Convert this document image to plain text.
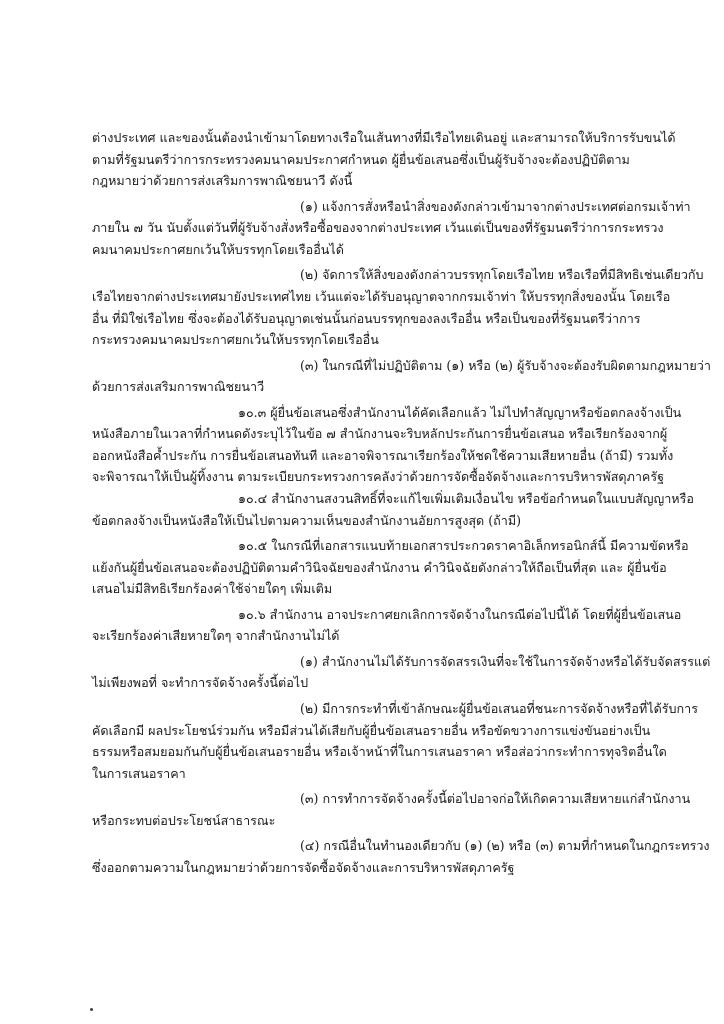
ต่างประเทศ และของนั้นต้องนำเข้ามาโดยทางเรือในเส้นทางที่มีเรือไทยเดินอยู่ และสามารถให้บริการรับขนได้
ตามที่รัฐมนตรีว่าการกระทรวงคมนาคมประกาศกำหนด ผู้ยื่นข้อเสนอซึ่งเป็นผู้รับจ้างจะต้องปฏิบัติตาม
กฎหมายว่าด้วยการส่งเสริมการพาณิชยนาวี ดังนี้
(๑) แจ้งการสั่งหรือนำสิ่งของดังกล่าวเข้ามาจากต่างประเทศต่อกรมเจ้าท่า
ภายใน ๗ วัน นับตั้งแต่วันที่ผู้รับจ้างสั่งหรือซื้อของจากต่างประเทศ เว้นแต่เป็นของที่รัฐมนตรีว่าการกระทรวง
คมนาคมประกาศยกเว้นให้บรรทุกโดยเรืออื่นได้
(๒) จัดการให้สิ่งของดังกล่าวบรรทุกโดยเรือไทย หรือเรือที่มีสิทธิเช่นเดียวกับ
เรือไทยจากต่างประเทศมายังประเทศไทย เว้นแต่จะได้รับอนุญาตจากกรมเจ้าท่า ให้บรรทุกสิ่งของนั้น โดยเรือ
อื่น ที่มิใช่เรือไทย ซึ่งจะต้องได้รับอนุญาตเช่นนั้นก่อนบรรทุกของลงเรืออื่น หรือเป็นของที่รัฐมนตรีว่าการ
กระทรวงคมนาคมประกาศยกเว้นให้บรรทุกโดยเรืออื่น
(๓) ในกรณีที่ไม่ปฏิบัติตาม (๑) หรือ (๒) ผู้รับจ้างจะต้องรับผิดตามกฎหมายว่า
ด้วยการส่งเสริมการพาณิชยนาวี
๑๐.๓ ผู้ยื่นข้อเสนอซึ่งสำนักงานได้คัดเลือกแล้ว ไม่ไปทำสัญญาหรือข้อตกลงจ้างเป็น
หนังสือภายในเวลาที่กำหนดดังระบุไว้ในข้อ ๗ สำนักงานจะริบหลักประกันการยื่นข้อเสนอ หรือเรียกร้องจากผู้
ออกหนังสือค้ำประกัน การยื่นข้อเสนอทันที และอาจพิจารณาเรียกร้องให้ชดใช้ความเสียหายอื่น (ถ้ามี) รวมทั้ง
จะพิจารณาให้เป็นผู้ทิ้งงาน ตามระเบียบกระทรวงการคลังว่าด้วยการจัดซื้อจัดจ้างและการบริหารพัสดุภาครัฐ
๑๐.๔ สำนักงานสงวนสิทธิ์ที่จะแก้ไขเพิ่มเติมเงื่อนไข หรือข้อกำหนดในแบบสัญญาหรือ
ข้อตกลงจ้างเป็นหนังสือให้เป็นไปตามความเห็นของสำนักงานอัยการสูงสุด (ถ้ามี)
๑๐.๕ ในกรณีที่เอกสารแนบท้ายเอกสารประกวดราคาอิเล็กทรอนิกส์นี้ มีความขัดหรือ
แย้งกันผู้ยื่นข้อเสนอจะต้องปฏิบัติตามคำวินิจฉัยของสำนักงาน คำวินิจฉัยดังกล่าวให้ถือเป็นที่สุด และ ผู้ยื่นข้อ
เสนอไม่มีสิทธิเรียกร้องค่าใช้จ่ายใดๆ เพิ่มเติม
๑๐.๖ สำนักงาน อาจประกาศยกเลิกการจัดจ้างในกรณีต่อไปนี้ได้ โดยที่ผู้ยื่นข้อเสนอ
จะเรียกร้องค่าเสียหายใดๆ จากสำนักงานไม่ได้
(๑) สำนักงานไม่ได้รับการจัดสรรเงินที่จะใช้ในการจัดจ้างหรือได้รับจัดสรรแต่
ไม่เพียงพอที่ จะทำการจัดจ้างครั้งนี้ต่อไป
(๒) มีการกระทำที่เข้าลักษณะผู้ยื่นข้อเสนอที่ชนะการจัดจ้างหรือที่ได้รับการ
คัดเลือกมี ผลประโยชน์ร่วมกัน หรือมีส่วนได้เสียกับผู้ยื่นข้อเสนอรายอื่น หรือขัดขวางการแข่งขันอย่างเป็น
ธรรมหรือสมยอมกันกับผู้ยื่นข้อเสนอรายอื่น หรือเจ้าหน้าที่ในการเสนอราคา หรือส่อว่ากระทำการทุจริตอื่นใด
ในการเสนอราคา
(๓) การทำการจัดจ้างครั้งนี้ต่อไปอาจก่อให้เกิดความเสียหายแก่สำนักงาน
หรือกระทบต่อประโยชน์สาธารณะ
(๔) กรณีอื่นในทำนองเดียวกับ (๑) (๒) หรือ (๓) ตามที่กำหนดในกฎกระทรวง
ซึ่งออกตามความในกฎหมายว่าด้วยการจัดซื้อจัดจ้างและการบริหารพัสดุภาครัฐ
